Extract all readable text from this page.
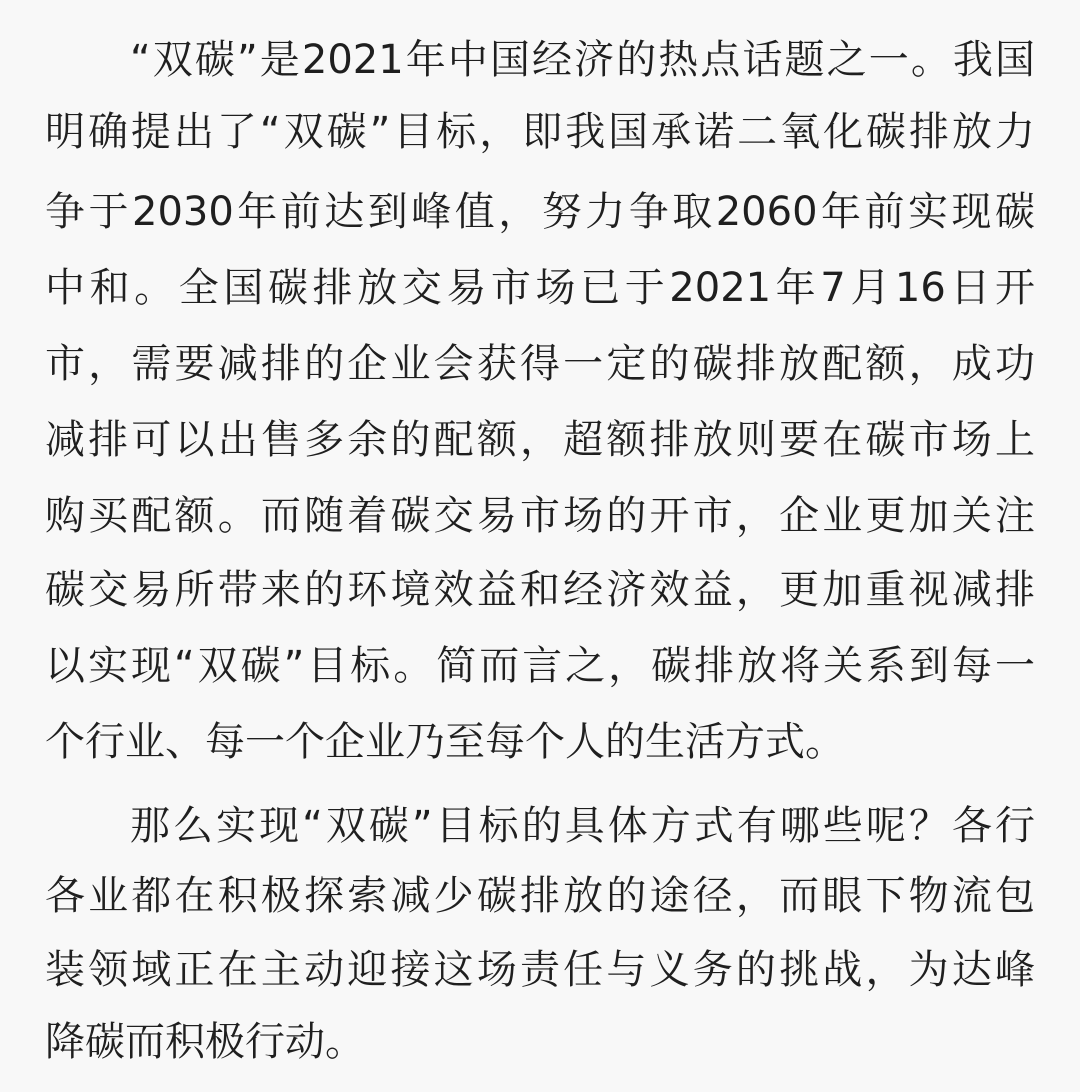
“双碳”是2021年中国经济的热点话题之一。我国
明确提出了“双碳”目标，即我国承诺二氧化碳排放力
争于2030年前达到峰值，努力争取2060年前实现碳
中和。全国碳排放交易市场已于2021年7月16日开
市，需要减排的企业会获得一定的碳排放配额，成功
减排可以出售多余的配额，超额排放则要在碳市场上
购买配额。而随着碳交易市场的开市，企业更加关注
碳交易所带来的环境效益和经济效益，更加重视减排
以实现“双碳”目标。简而言之，碳排放将关系到每一
个行业、每一个企业乃至每个人的生活方式。
那么实现“双碳”目标的具体方式有哪些呢？各行
各业都在积极探索减少碳排放的途径，而眼下物流包
装领域正在主动迎接这场责任与义务的挑战，为达峰
降碳而积极行动。
